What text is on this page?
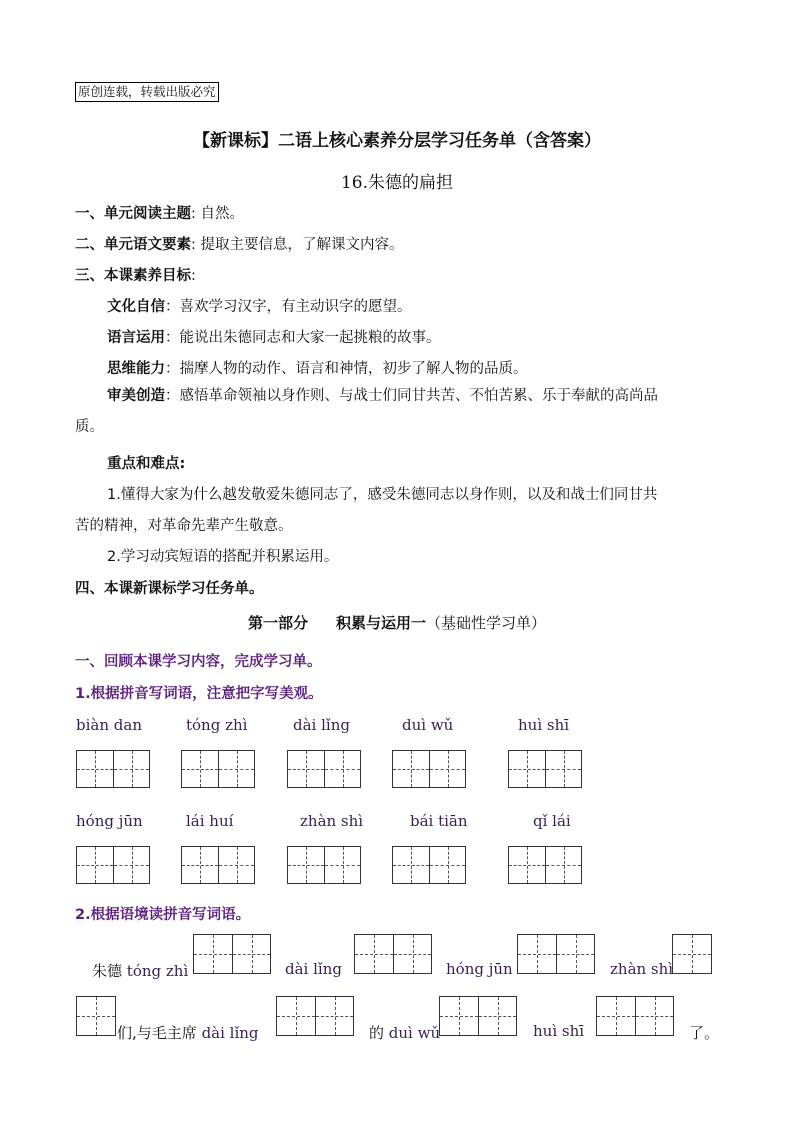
原创连载，转载出版必究
【新课标】二语上核心素养分层学习任务单（含答案）
16.朱德的扁担
一、单元阅读主题: 自然。
二、单元语文要素: 提取主要信息，了解课文内容。
三、本课素养目标:
文化自信：喜欢学习汉字，有主动识字的愿望。
语言运用：能说出朱德同志和大家一起挑粮的故事。
思维能力：揣摩人物的动作、语言和神情，初步了解人物的品质。
审美创造：感悟革命领袖以身作则、与战士们同甘共苦、不怕苦累、乐于奉献的高尚品
质。
重点和难点:
1.懂得大家为什么越发敬爱朱德同志了，感受朱德同志以身作则，以及和战士们同甘共
苦的精神，对革命先辈产生敬意。
2.学习动宾短语的搭配并积累运用。
四、本课新课标学习任务单。
第一部分 积累与运用一（基础性学习单）
一、回顾本课学习内容，完成学习单。
1.根据拼音写词语，注意把字写美观。
biàn dan	tóng zhì	dài lǐng	duì wǔ	huì shī
hóng jūn	lái huí	zhàn shì	bái tiān	qǐ lái
2.根据语境读拼音写词语。
朱德 tóng zhì	dài lǐng	hóng jūn	zhàn shì
们,与毛主席 dài lǐng	的 duì wǔ	huì shī	了。
